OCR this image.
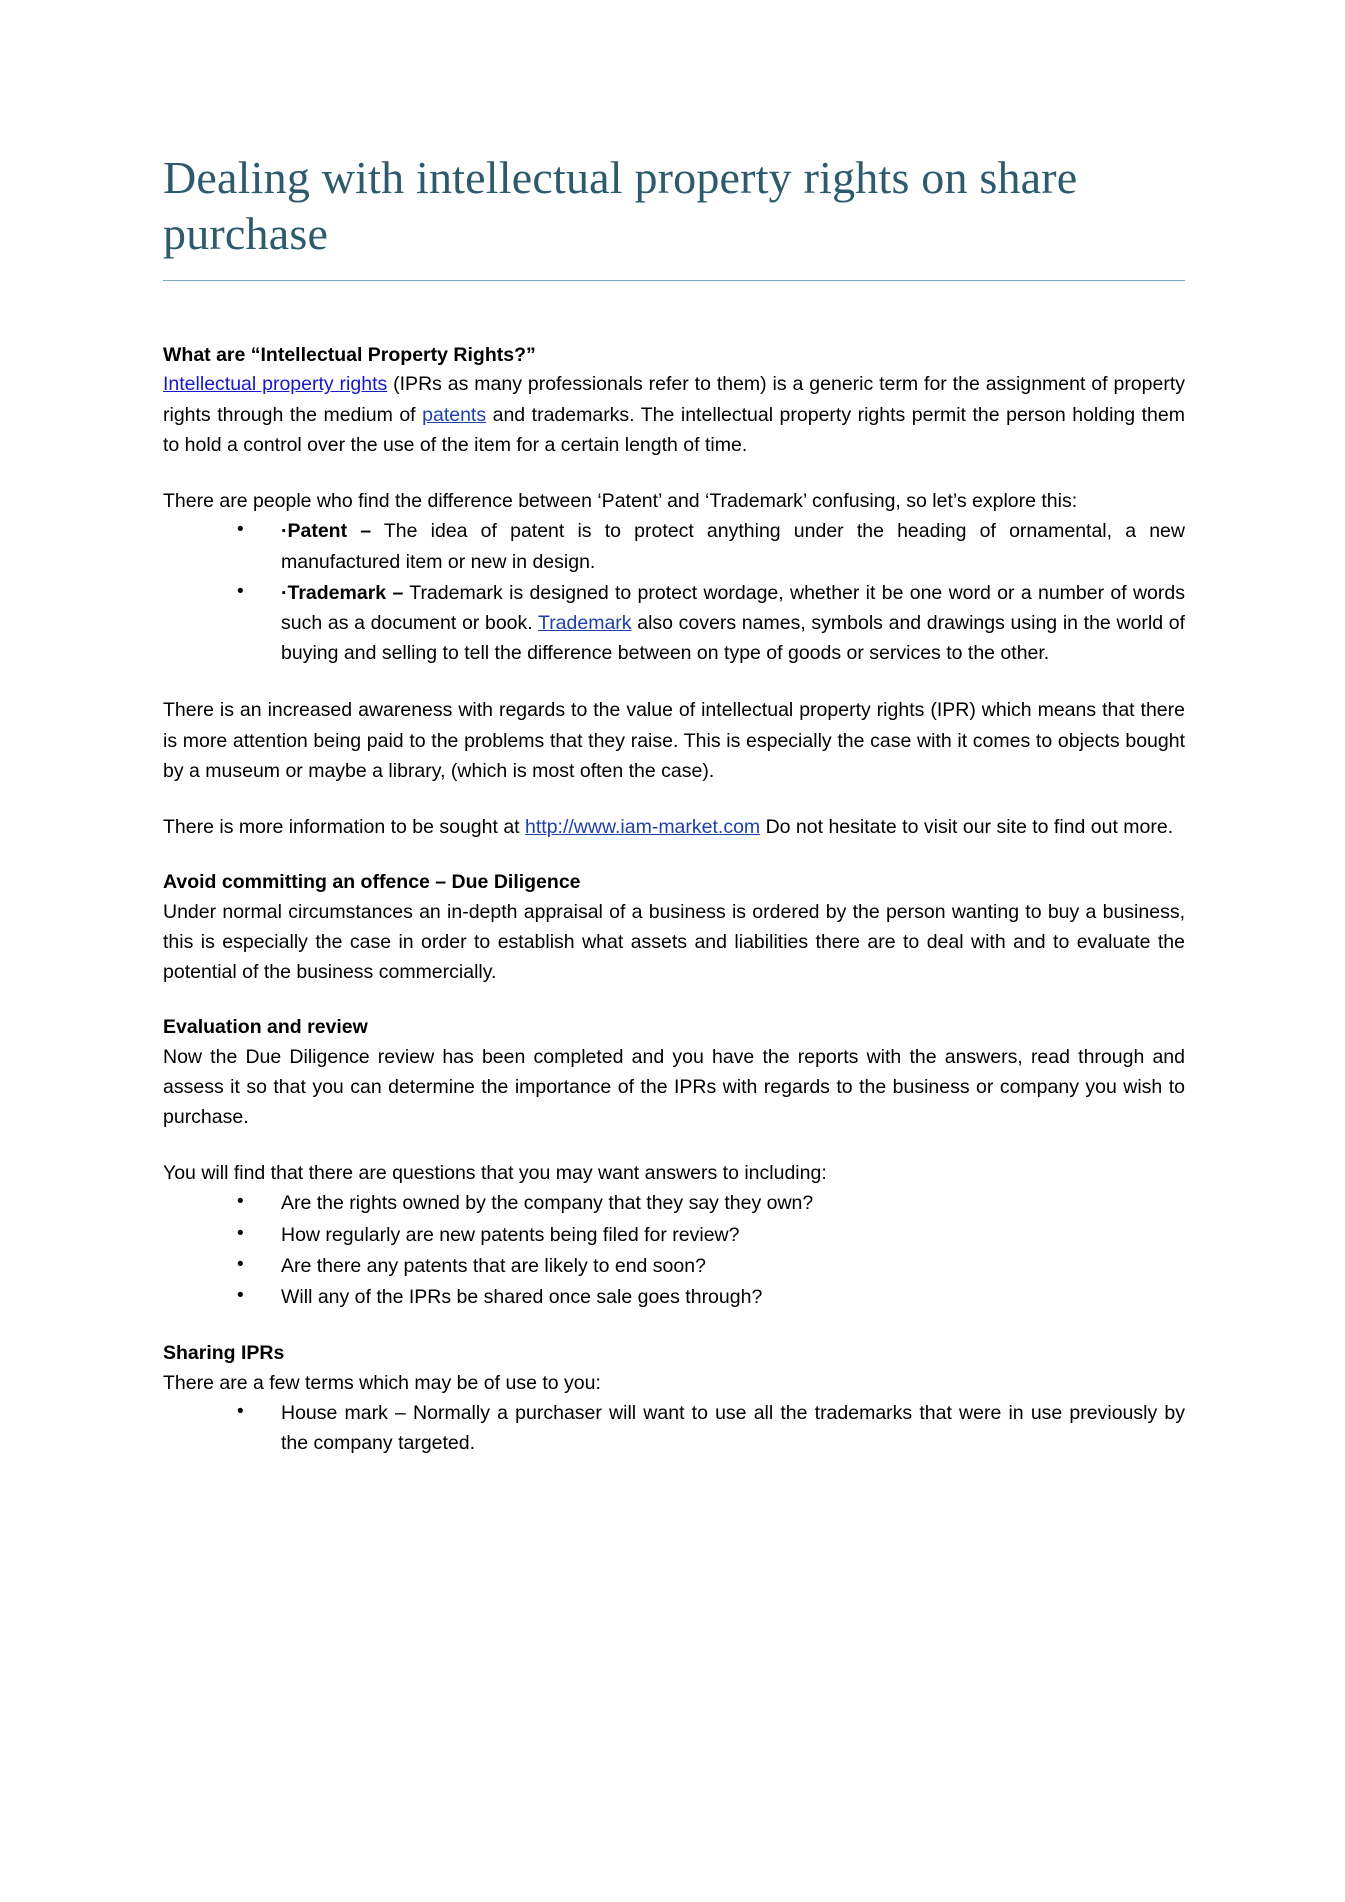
Dealing with intellectual property rights on share purchase
What are “Intellectual Property Rights?”

Intellectual property rights (IPRs as many professionals refer to them) is a generic term for the assignment of property rights through the medium of patents and trademarks. The intellectual property rights permit the person holding them to hold a control over the use of the item for a certain length of time.

There are people who find the difference between ‘Patent’ and ‘Trademark’ confusing, so let’s explore this:

• ·Patent – The idea of patent is to protect anything under the heading of ornamental, a new manufactured item or new in design.
• ·Trademark – Trademark is designed to protect wordage, whether it be one word or a number of words such as a document or book. Trademark also covers names, symbols and drawings using in the world of buying and selling to tell the difference between on type of goods or services to the other.

There is an increased awareness with regards to the value of intellectual property rights (IPR) which means that there is more attention being paid to the problems that they raise. This is especially the case with it comes to objects bought by a museum or maybe a library, (which is most often the case).

There is more information to be sought at http://www.iam-market.com Do not hesitate to visit our site to find out more.

Avoid committing an offence – Due Diligence

Under normal circumstances an in-depth appraisal of a business is ordered by the person wanting to buy a business, this is especially the case in order to establish what assets and liabilities there are to deal with and to evaluate the potential of the business commercially.

Evaluation and review

Now the Due Diligence review has been completed and you have the reports with the answers, read through and assess it so that you can determine the importance of the IPRs with regards to the business or company you wish to purchase.

You will find that there are questions that you may want answers to including:

• Are the rights owned by the company that they say they own?
• How regularly are new patents being filed for review?
• Are there any patents that are likely to end soon?
• Will any of the IPRs be shared once sale goes through?
Sharing IPRs

There are a few terms which may be of use to you:

• House mark – Normally a purchaser will want to use all the trademarks that were in use previously by the company targeted.
